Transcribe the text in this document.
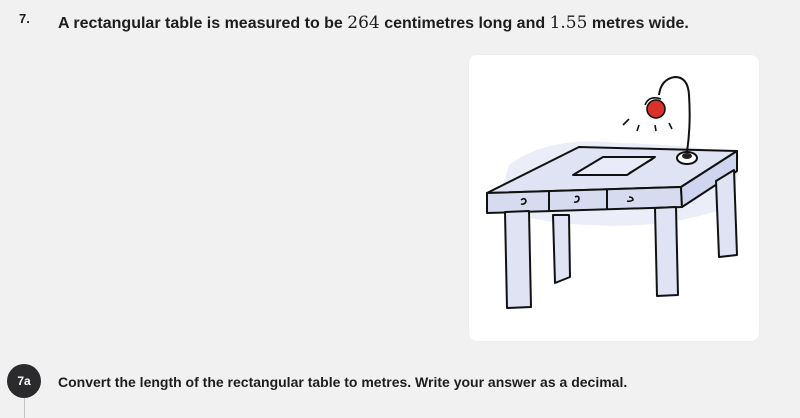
7. A rectangular table is measured to be 264 centimetres long and 1.55 metres wide.
7a	Convert the length of the rectangular table to metres. Write your answer as a decimal.
